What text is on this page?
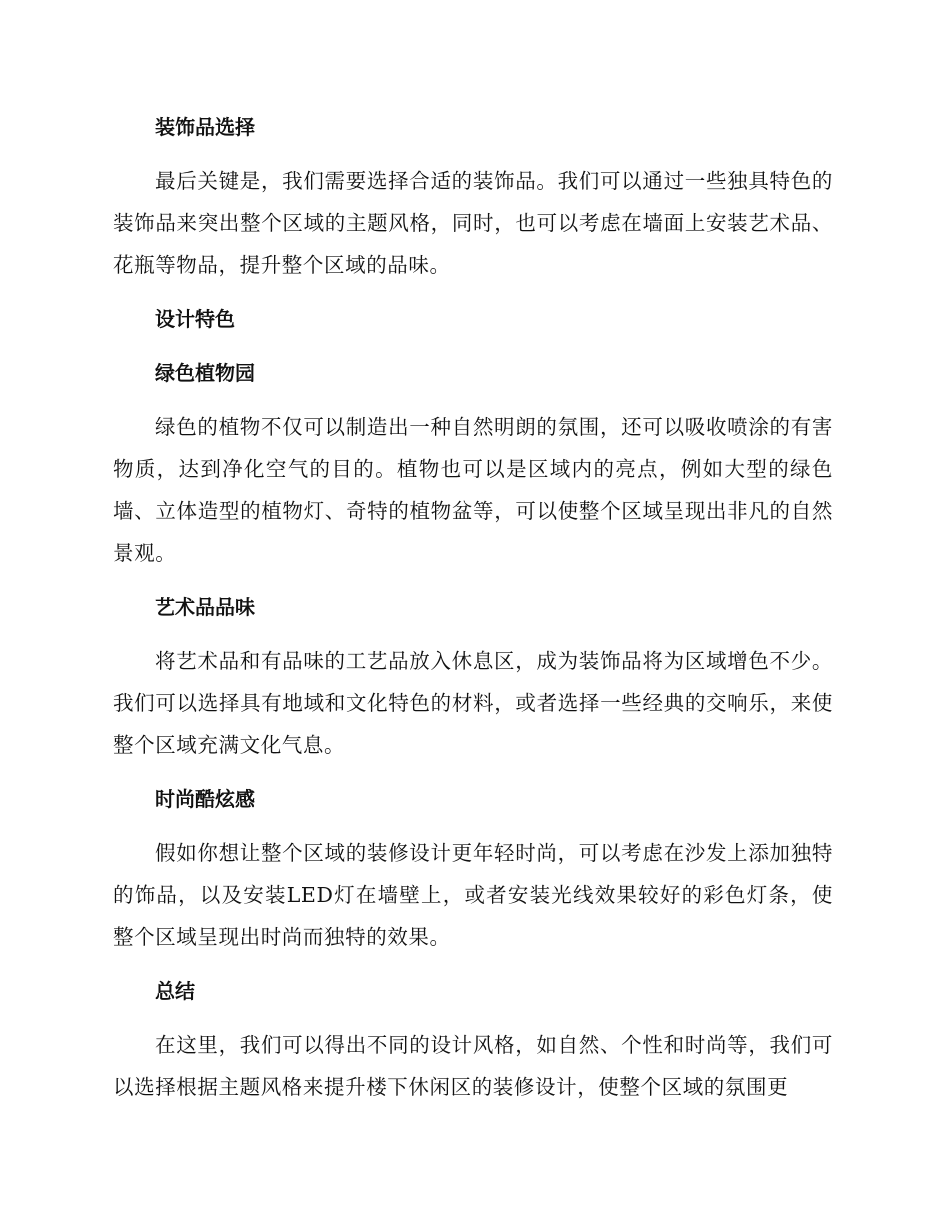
装饰品选择

最后关键是，我们需要选择合适的装饰品。我们可以通过一些独具特色的装饰品来突出整个区域的主题风格，同时，也可以考虑在墙面上安装艺术品、花瓶等物品，提升整个区域的品味。

设计特色
绿色植物园

绿色的植物不仅可以制造出一种自然明朗的氛围，还可以吸收喷涂的有害物质，达到净化空气的目的。植物也可以是区域内的亮点，例如大型的绿色墙、立体造型的植物灯、奇特的植物盆等，可以使整个区域呈现出非凡的自然景观。

艺术品品味

将艺术品和有品味的工艺品放入休息区，成为装饰品将为区域增色不少。我们可以选择具有地域和文化特色的材料，或者选择一些经典的交响乐，来使整个区域充满文化气息。

时尚酷炫感

假如你想让整个区域的装修设计更年轻时尚，可以考虑在沙发上添加独特的饰品，以及安装LED灯在墙壁上，或者安装光线效果较好的彩色灯条，使整个区域呈现出时尚而独特的效果。

总结

在这里，我们可以得出不同的设计风格，如自然、个性和时尚等，我们可以选择根据主题风格来提升楼下休闲区的装修设计，使整个区域的氛围更
